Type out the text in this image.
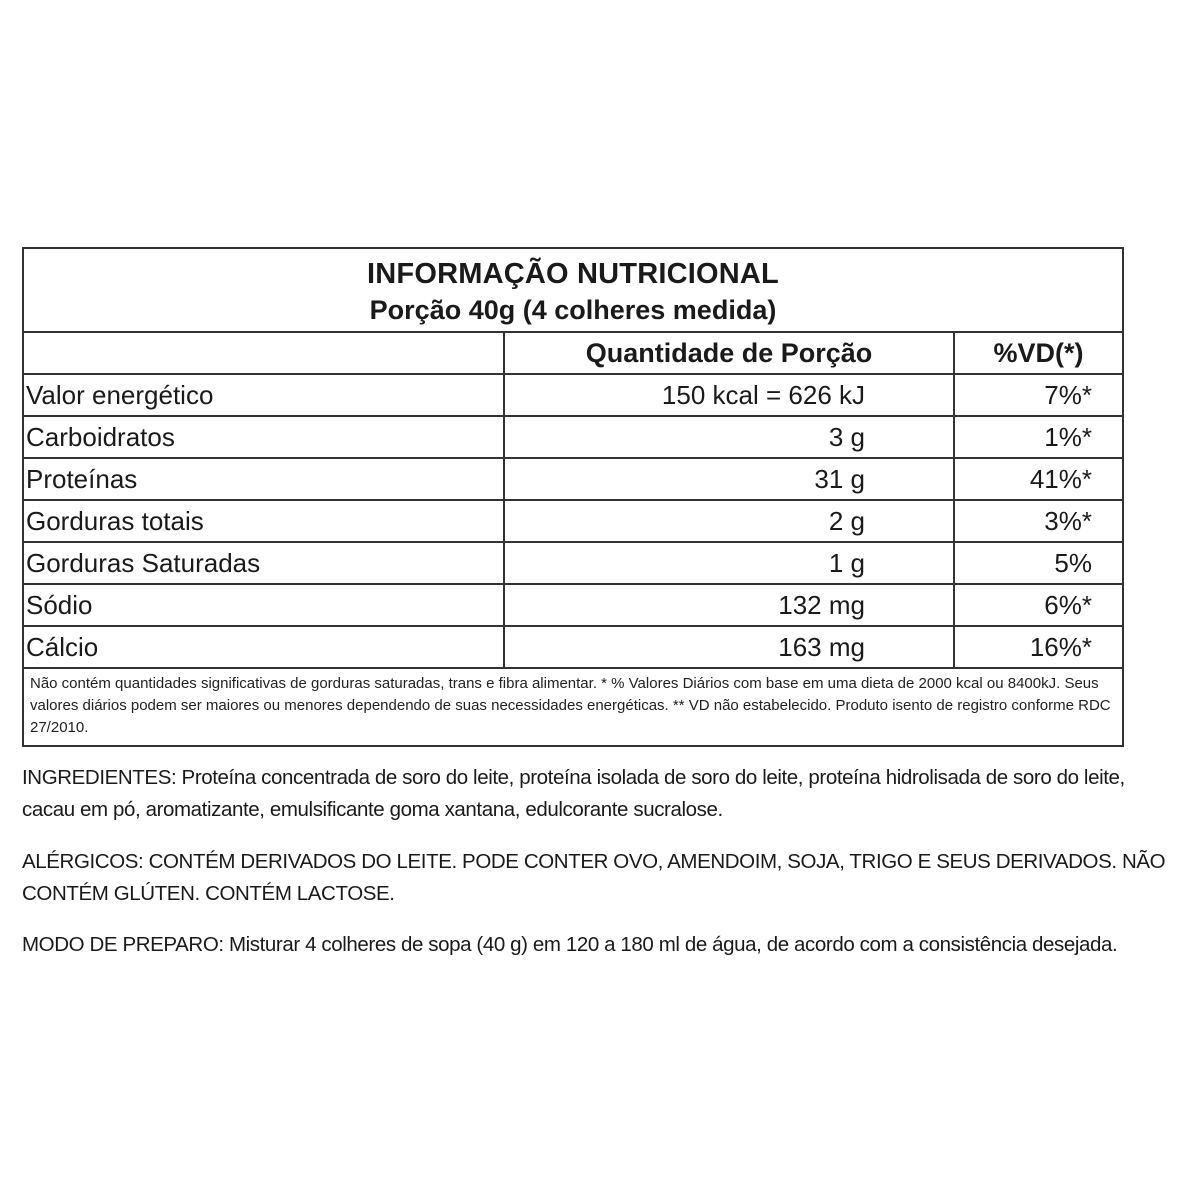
INFORMAÇÃO NUTRICIONAL
Porção 40g (4 colheres medida)
	Quantidade de Porção	%VD(*)
Valor energético	150 kcal = 626 kJ	7%*
Carboidratos	3 g	1%*
Proteínas	31 g	41%*
Gorduras totais	2 g	3%*
Gorduras Saturadas	1 g	5%
Sódio	132 mg	6%*
Cálcio	163 mg	16%*
Não contém quantidades significativas de gorduras saturadas, trans e fibra alimentar. * % Valores Diários com base em uma dieta de 2000 kcal ou 8400kJ. Seus valores diários podem ser maiores ou menores dependendo de suas necessidades energéticas. ** VD não estabelecido. Produto isento de registro conforme RDC 27/2010.
INGREDIENTES: Proteína concentrada de soro do leite, proteína isolada de soro do leite, proteína hidrolisada de soro do leite, cacau em pó, aromatizante, emulsificante goma xantana, edulcorante sucralose.
ALÉRGICOS: CONTÉM DERIVADOS DO LEITE. PODE CONTER OVO, AMENDOIM, SOJA, TRIGO E SEUS DERIVADOS. NÃO CONTÉM GLÚTEN. CONTÉM LACTOSE.
MODO DE PREPARO: Misturar 4 colheres de sopa (40 g) em 120 a 180 ml de água, de acordo com a consistência desejada.
